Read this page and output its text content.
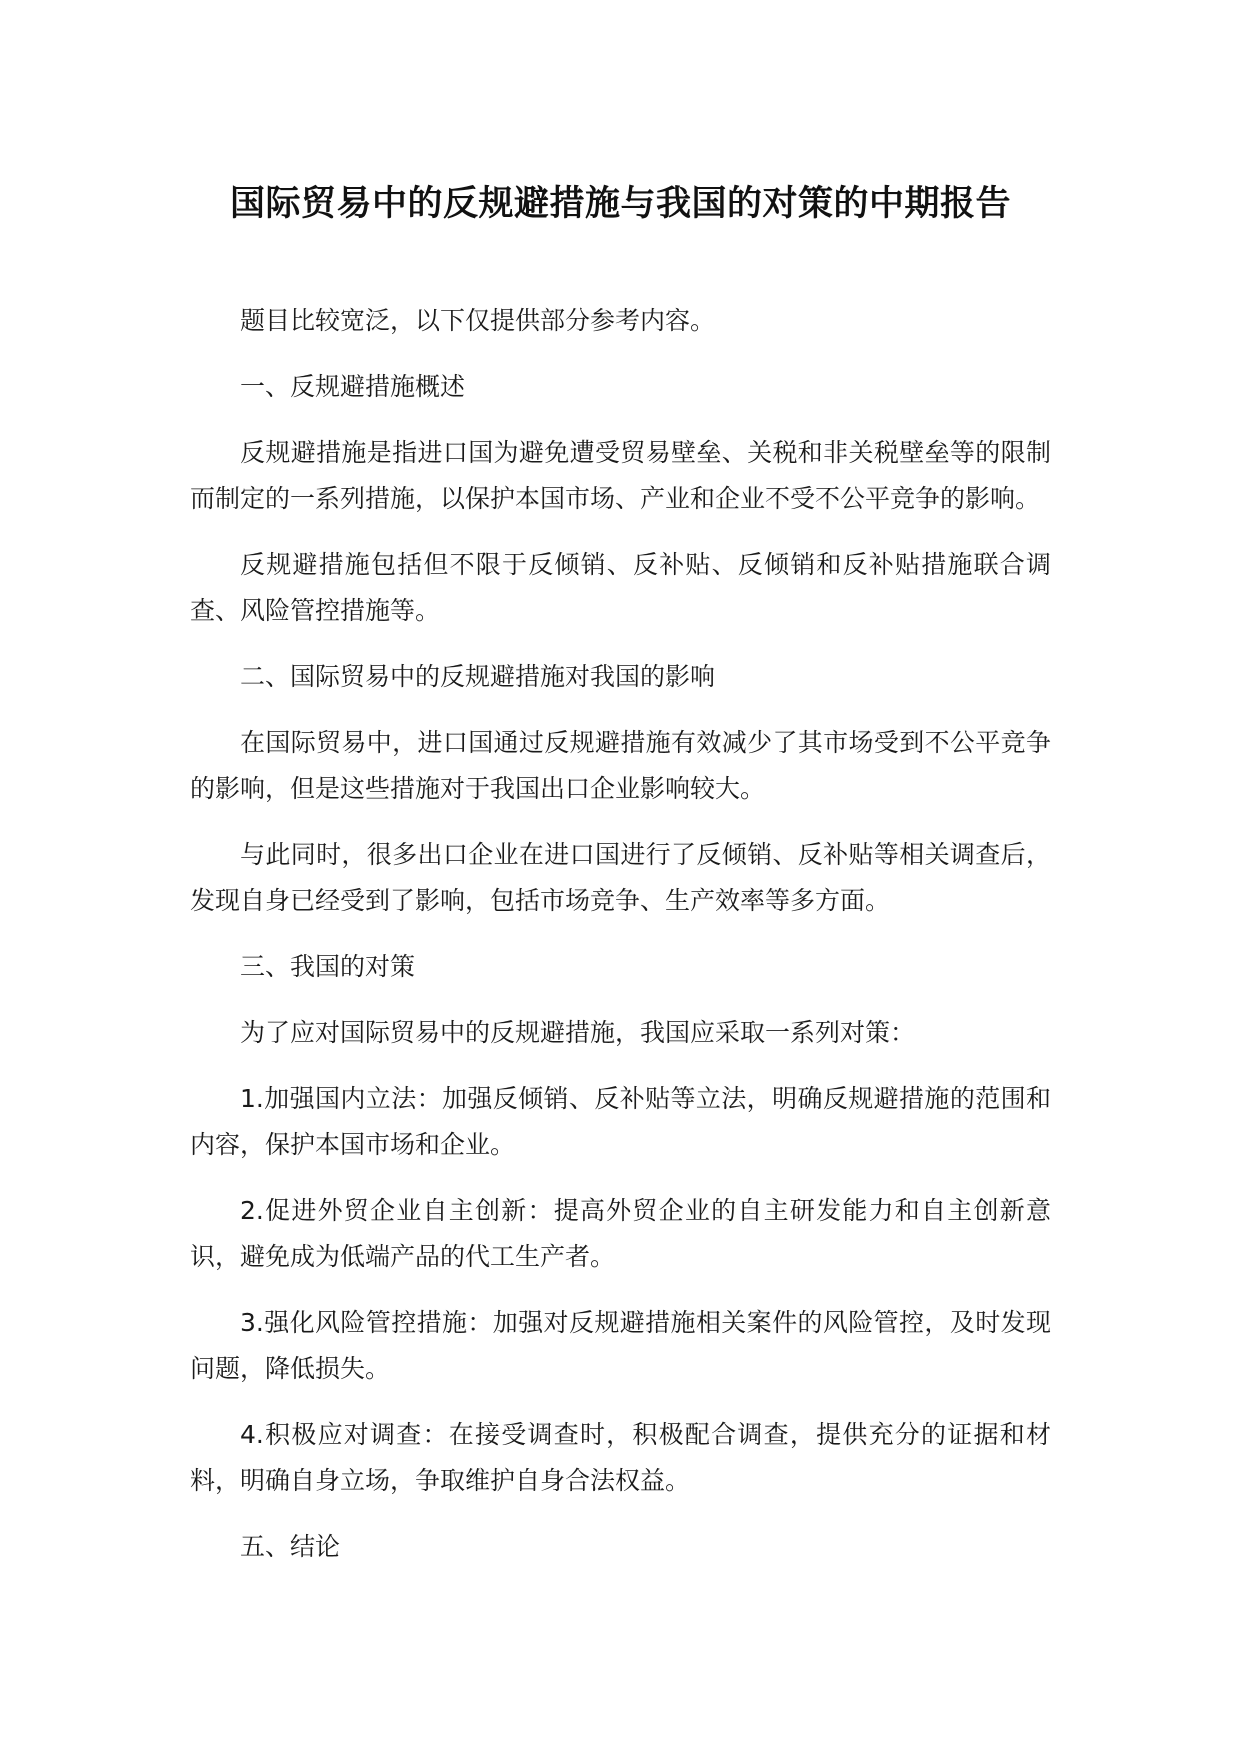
国际贸易中的反规避措施与我国的对策的中期报告

题目比较宽泛，以下仅提供部分参考内容。

一、反规避措施概述

反规避措施是指进口国为避免遭受贸易壁垒、关税和非关税壁垒等的限制而制定的一系列措施，以保护本国市场、产业和企业不受不公平竞争的影响。

反规避措施包括但不限于反倾销、反补贴、反倾销和反补贴措施联合调查、风险管控措施等。

二、国际贸易中的反规避措施对我国的影响

在国际贸易中，进口国通过反规避措施有效减少了其市场受到不公平竞争的影响，但是这些措施对于我国出口企业影响较大。

与此同时，很多出口企业在进口国进行了反倾销、反补贴等相关调查后，发现自身已经受到了影响，包括市场竞争、生产效率等多方面。

三、我国的对策

为了应对国际贸易中的反规避措施，我国应采取一系列对策：

1.加强国内立法：加强反倾销、反补贴等立法，明确反规避措施的范围和内容，保护本国市场和企业。

2.促进外贸企业自主创新：提高外贸企业的自主研发能力和自主创新意识，避免成为低端产品的代工生产者。

3.强化风险管控措施：加强对反规避措施相关案件的风险管控，及时发现问题，降低损失。

4.积极应对调查：在接受调查时，积极配合调查，提供充分的证据和材料，明确自身立场，争取维护自身合法权益。

五、结论
